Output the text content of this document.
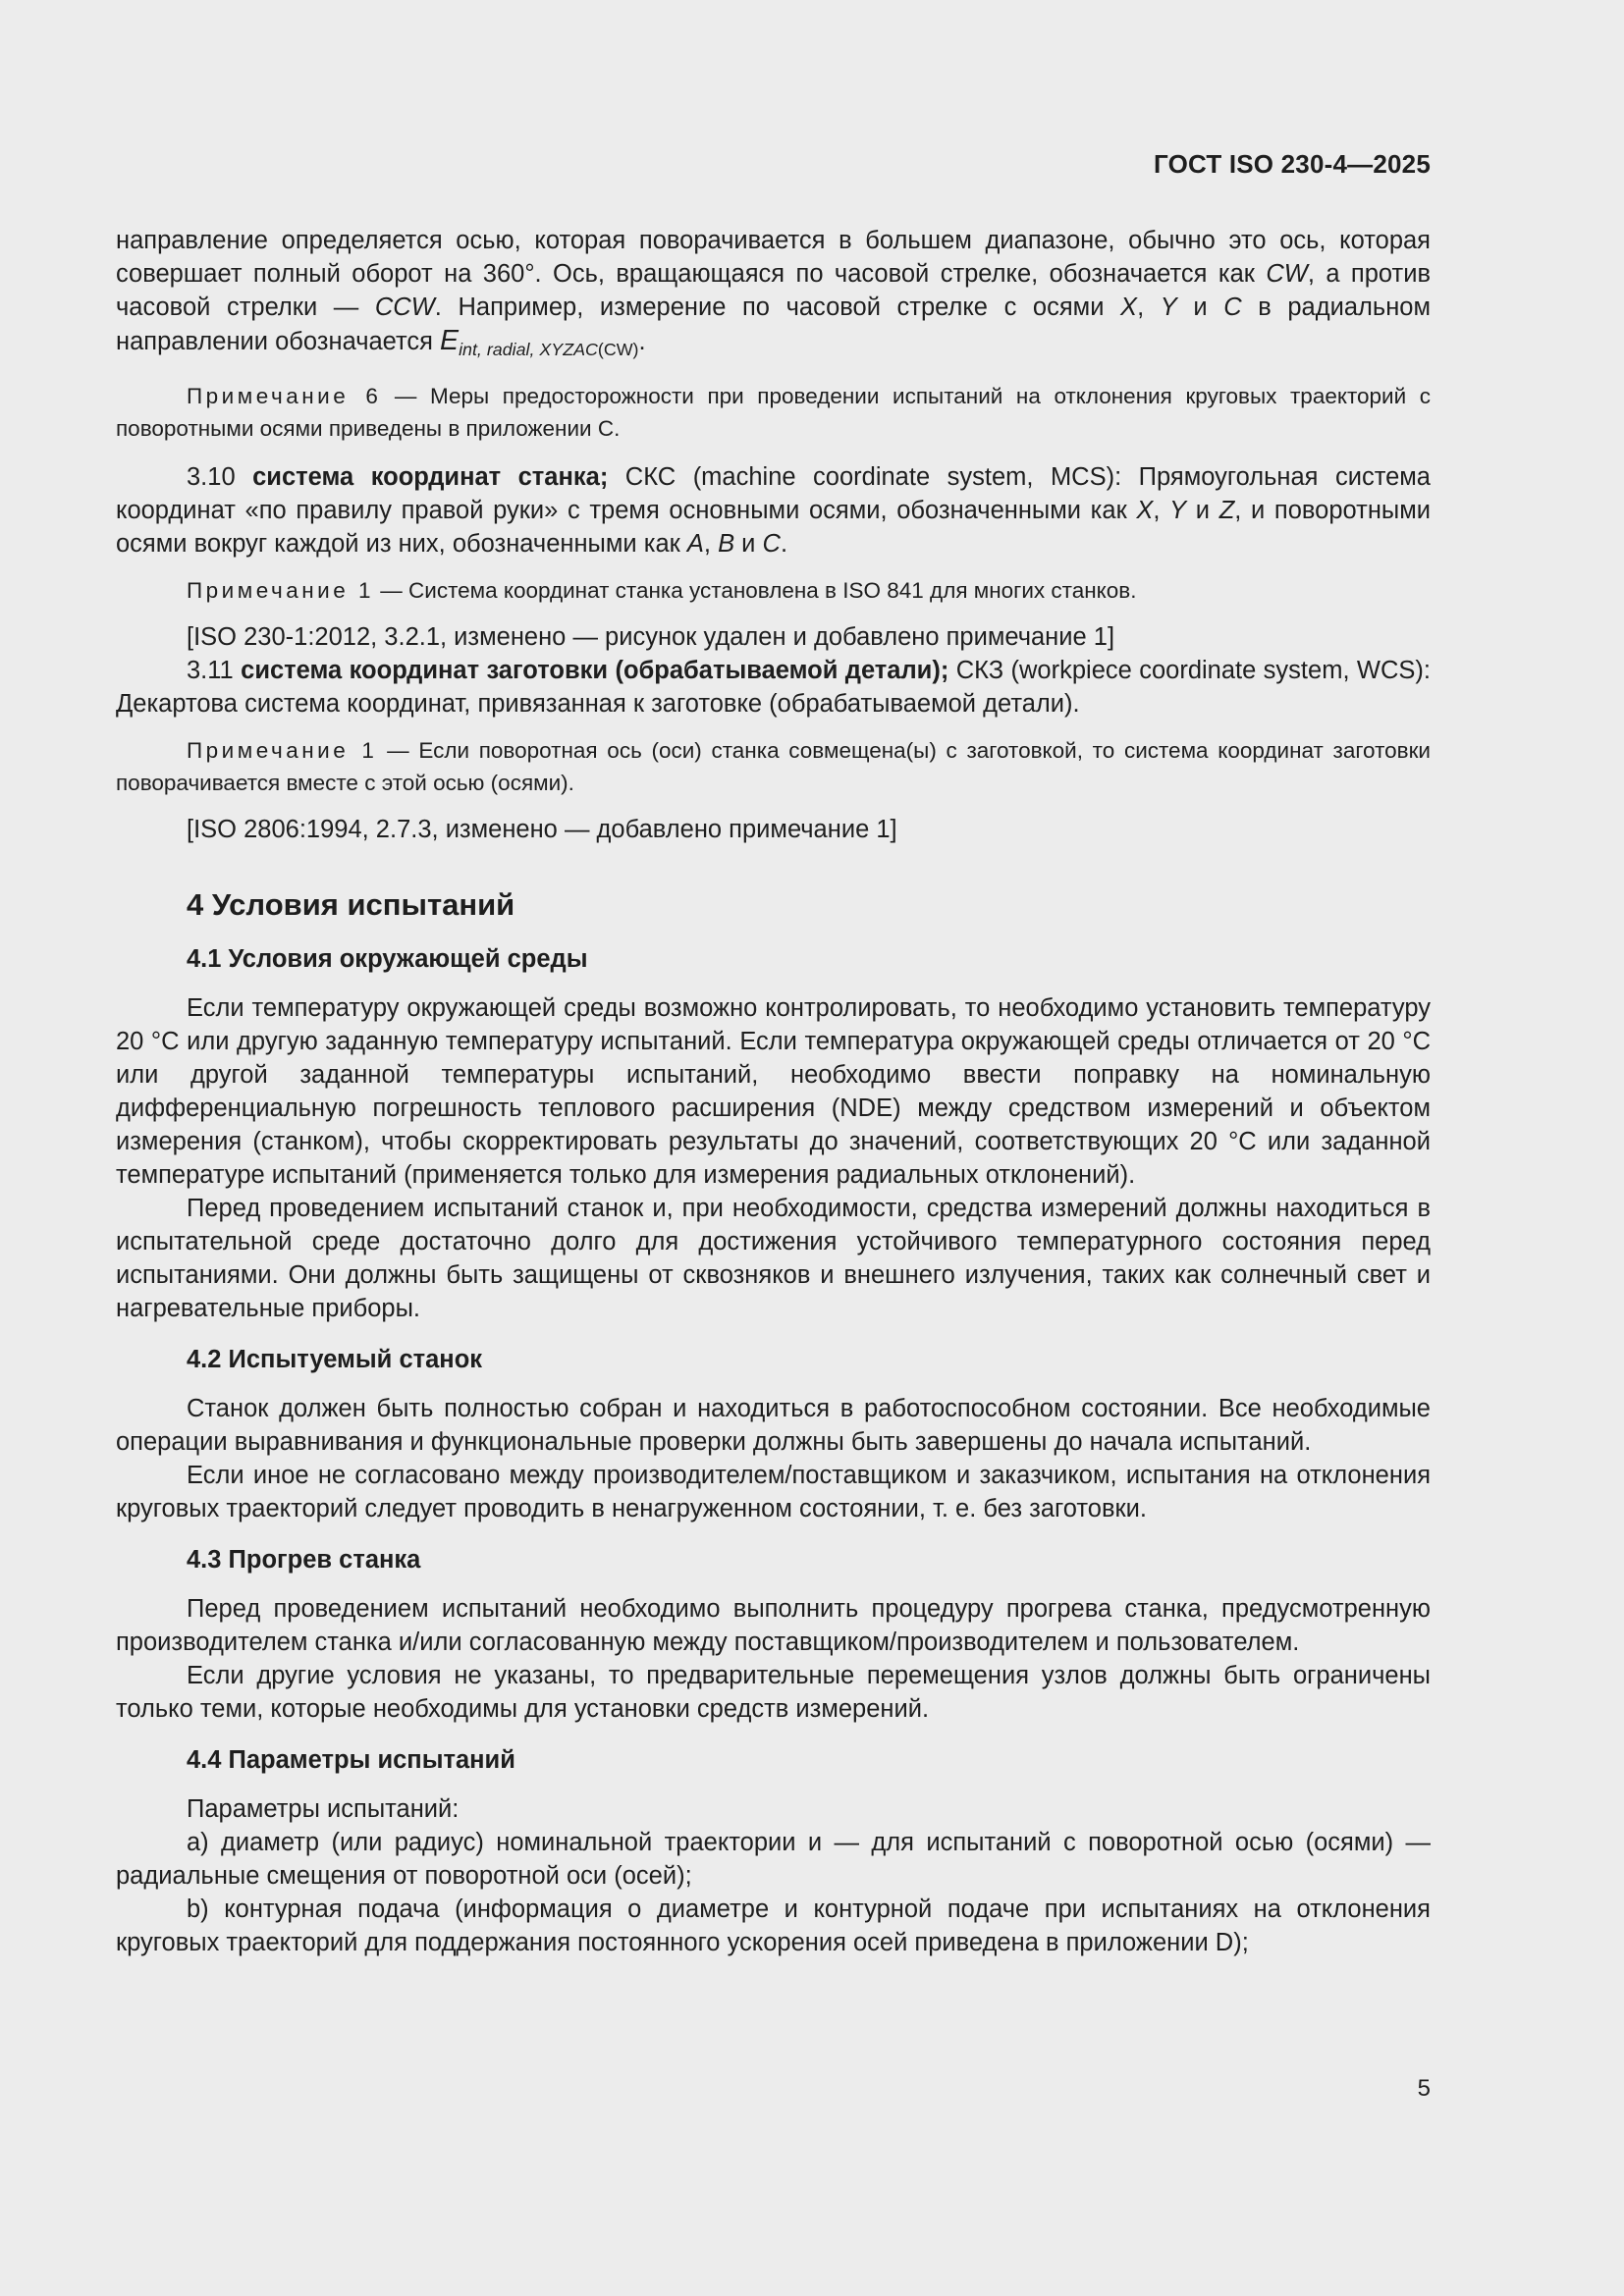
ГОСТ ISO 230-4—2025

направление определяется осью, которая поворачивается в большем диапазоне, обычно это ось, которая совершает полный оборот на 360°. Ось, вращающаяся по часовой стрелке, обозначается как CW, а против часовой стрелки — CCW. Например, измерение по часовой стрелке с осями X, Y и C в радиальном направлении обозначается $E_{int, radial, XYZAC(CW)}$.

Примечание 6 — Меры предосторожности при проведении испытаний на отклонения круговых траекторий с поворотными осями приведены в приложении С.

3.10 система координат станка; СКС (machine coordinate system, MCS): Прямоугольная система координат «по правилу правой руки» с тремя основными осями, обозначенными как X, Y и Z, и поворотными осями вокруг каждой из них, обозначенными как A, B и C.

Примечание 1 — Система координат станка установлена в ISO 841 для многих станков.

[ISO 230-1:2012, 3.2.1, изменено — рисунок удален и добавлено примечание 1]

3.11 система координат заготовки (обрабатываемой детали); СКЗ (workpiece coordinate system, WCS): Декартова система координат, привязанная к заготовке (обрабатываемой детали).

Примечание 1 — Если поворотная ось (оси) станка совмещена(ы) с заготовкой, то система координат заготовки поворачивается вместе с этой осью (осями).

[ISO 2806:1994, 2.7.3, изменено — добавлено примечание 1]

4 Условия испытаний
4.1 Условия окружающей среды

Если температуру окружающей среды возможно контролировать, то необходимо установить температуру 20 °С или другую заданную температуру испытаний. Если температура окружающей среды отличается от 20 °С или другой заданной температуры испытаний, необходимо ввести поправку на номинальную дифференциальную погрешность теплового расширения (NDE) между средством измерений и объектом измерения (станком), чтобы скорректировать результаты до значений, соответствующих 20 °С или заданной температуре испытаний (применяется только для измерения радиальных отклонений).

Перед проведением испытаний станок и, при необходимости, средства измерений должны находиться в испытательной среде достаточно долго для достижения устойчивого температурного состояния перед испытаниями. Они должны быть защищены от сквозняков и внешнего излучения, таких как солнечный свет и нагревательные приборы.

4.2 Испытуемый станок

Станок должен быть полностью собран и находиться в работоспособном состоянии. Все необходимые операции выравнивания и функциональные проверки должны быть завершены до начала испытаний.

Если иное не согласовано между производителем/поставщиком и заказчиком, испытания на отклонения круговых траекторий следует проводить в ненагруженном состоянии, т. е. без заготовки.

4.3 Прогрев станка

Перед проведением испытаний необходимо выполнить процедуру прогрева станка, предусмотренную производителем станка и/или согласованную между поставщиком/производителем и пользователем.

Если другие условия не указаны, то предварительные перемещения узлов должны быть ограничены только теми, которые необходимы для установки средств измерений.

4.4 Параметры испытаний

Параметры испытаний:

a) диаметр (или радиус) номинальной траектории и — для испытаний с поворотной осью (осями) — радиальные смещения от поворотной оси (осей);

b) контурная подача (информация о диаметре и контурной подаче при испытаниях на отклонения круговых траекторий для поддержания постоянного ускорения осей приведена в приложении D);

5
